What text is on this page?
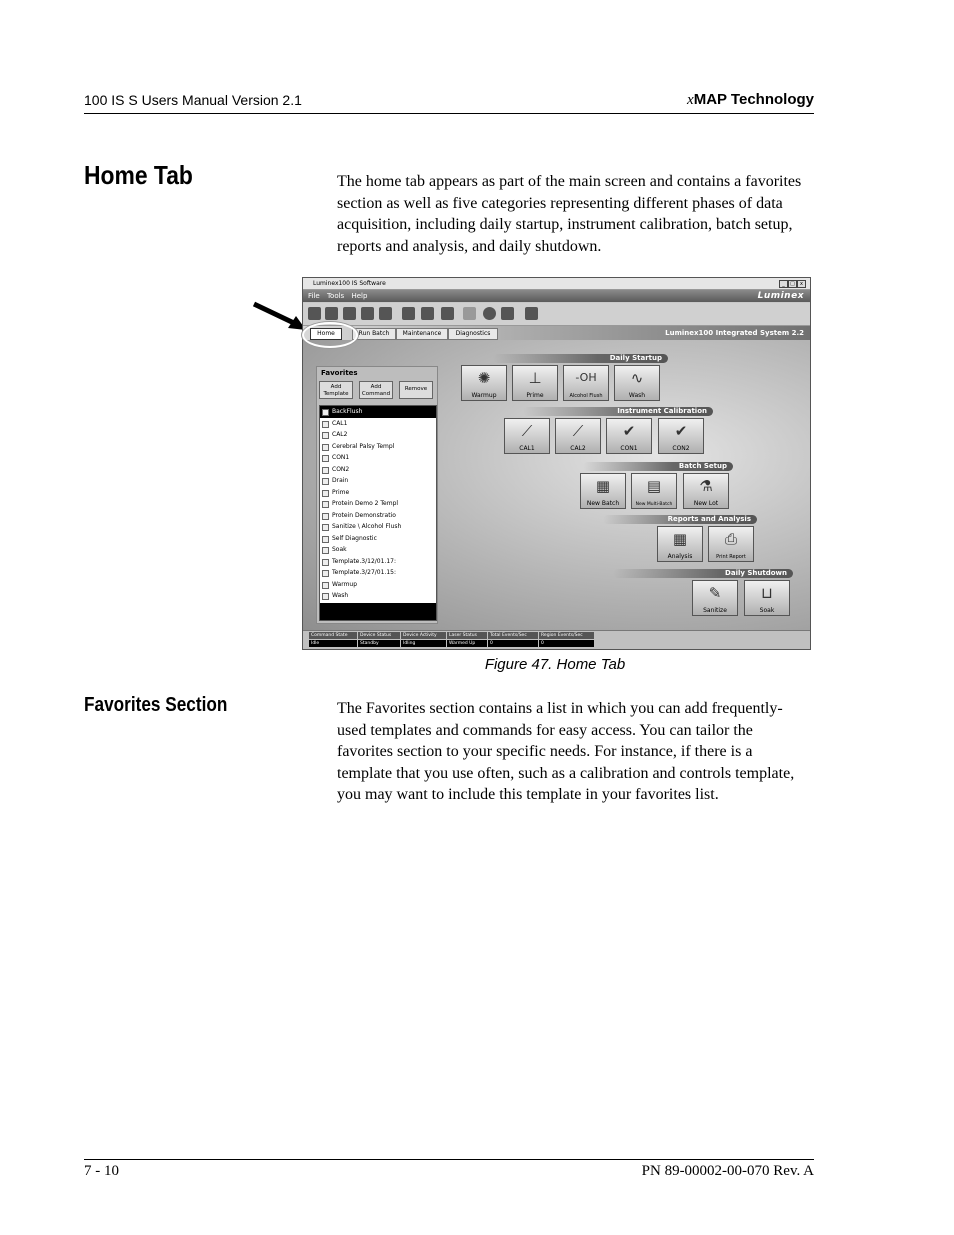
100 IS S Users Manual Version 2.1	xMAP Technology
Home Tab	The home tab appears as part of the main screen and contains a favorites section as well as five categories representing different phases of data acquisition, including daily startup, instrument calibration, batch setup, reports and analysis, and daily shutdown.
Luminex100 IS Software	_	□	x
File Tools Help	Luminex
Home	Run Batch	Maintenance	Diagnostics	Luminex100 Integrated System 2.2
Favorites
Add Template
Add Command
Remove
BackFlush
CAL1
CAL2
Cerebral Palsy Templ
CON1
CON2
Drain
Prime
Protein Demo 2 Templ
Protein Demonstratio
Sanitize \ Alcohol Flush
Self Diagnostic
Soak
Template.3/12/01.17:
Template.3/27/01.15:
Warmup
Wash
Daily Startup
✺
Warmup
⊥
Prime
-OH
Alcohol Flush
∿
Wash
Instrument Calibration
⟋
CAL1
⟋
CAL2
✔
CON1
✔
CON2
Batch Setup
▦
New Batch
▤
New Multi-Batch
⚗
New Lot
Reports and Analysis
▦
Analysis
⎙
Print Report
Daily Shutdown
✎
Sanitize
⊔
Soak
Command State	Device Status	Device Activity	Laser Status	Total Events/Sec	Region Events/Sec
Idle	Standby	Idling	Warmed Up	0	0
Figure 47. Home Tab
Favorites Section	The Favorites section contains a list in which you can add frequently-used templates and commands for easy access. You can tailor the favorites section to your specific needs. For instance, if there is a template that you use often, such as a calibration and controls template, you may want to include this template in your favorites list.
7 - 10	PN 89-00002-00-070 Rev. A
